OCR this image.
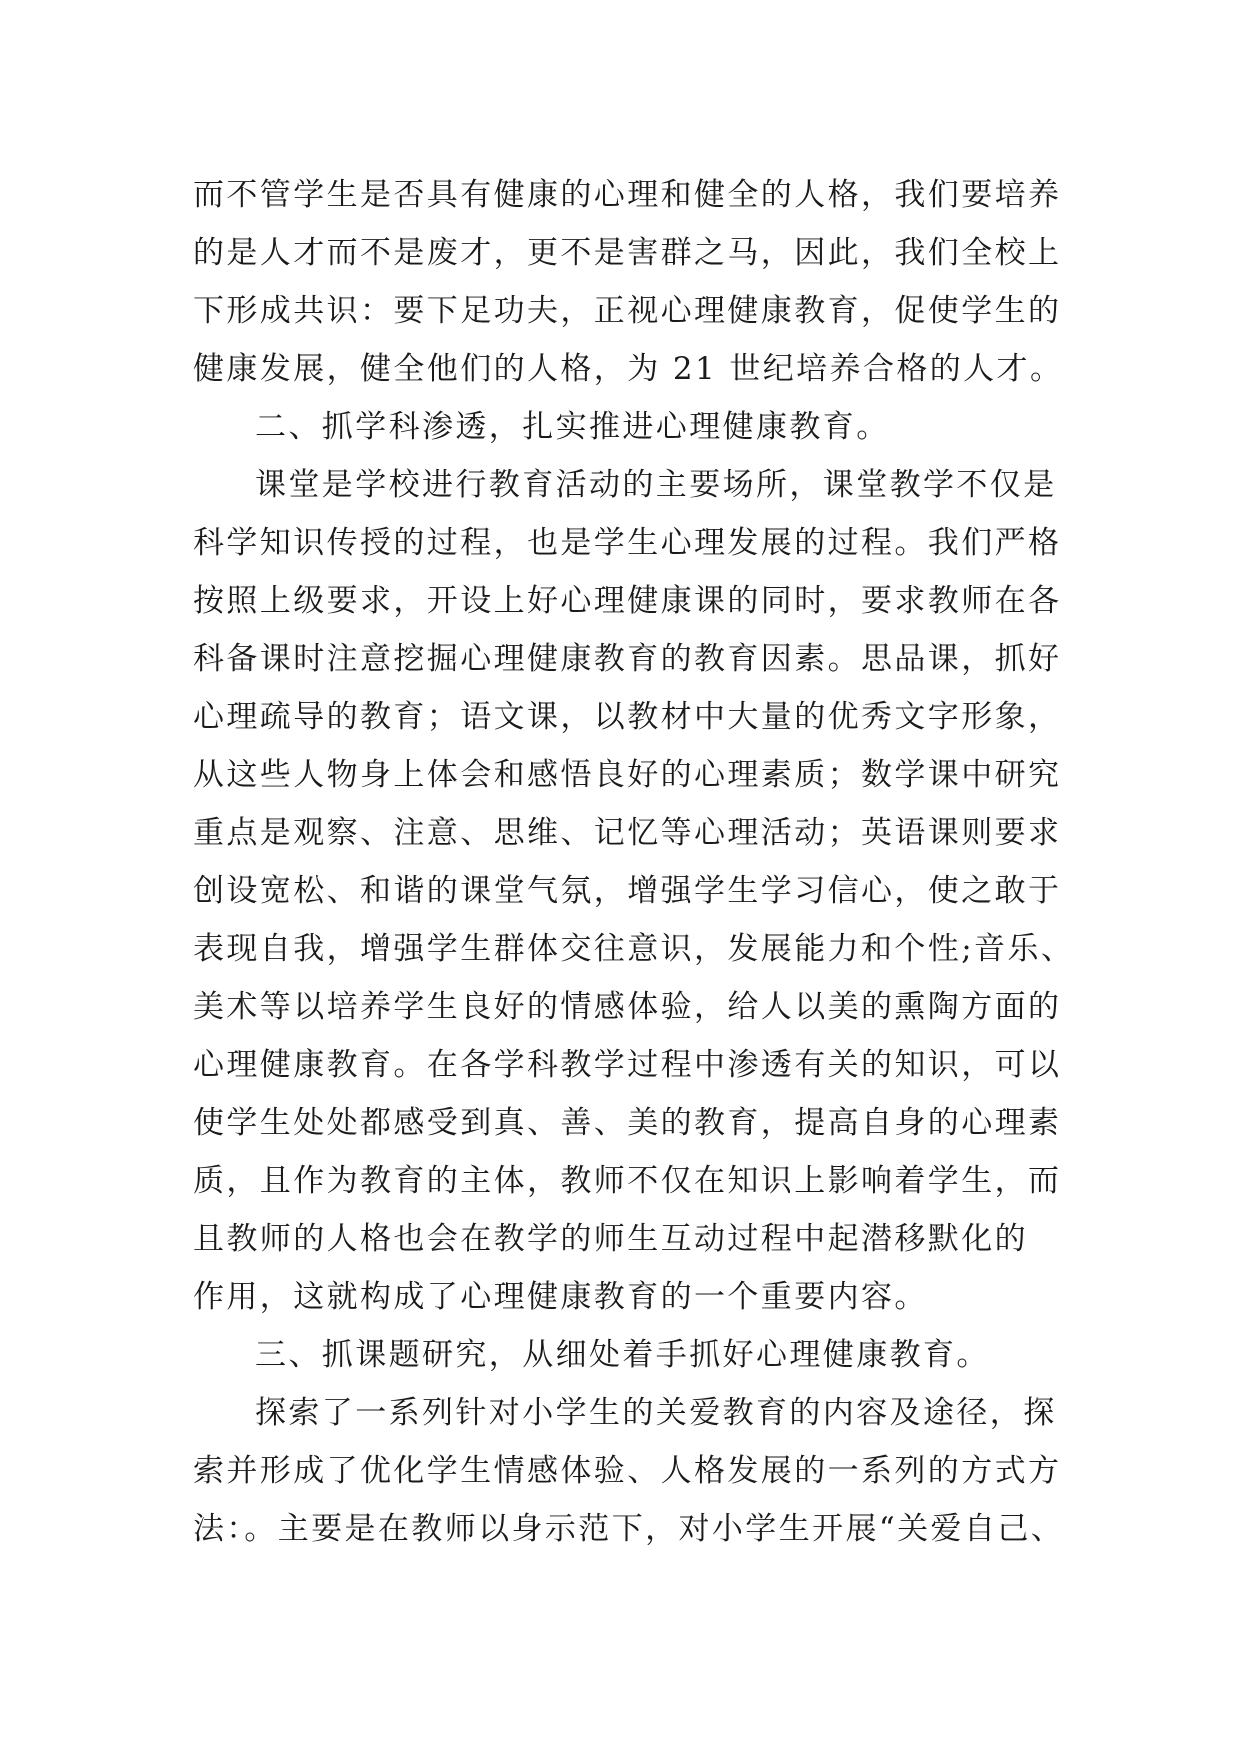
而不管学生是否具有健康的心理和健全的人格，我们要培养
的是人才而不是废才，更不是害群之马，因此，我们全校上
下形成共识：要下足功夫，正视心理健康教育，促使学生的
健康发展，健全他们的人格，为 21 世纪培养合格的人才。
二、抓学科渗透，扎实推进心理健康教育。
课堂是学校进行教育活动的主要场所，课堂教学不仅是
科学知识传授的过程，也是学生心理发展的过程。我们严格
按照上级要求，开设上好心理健康课的同时，要求教师在各
科备课时注意挖掘心理健康教育的教育因素。思品课，抓好
心理疏导的教育；语文课，以教材中大量的优秀文字形象，
从这些人物身上体会和感悟良好的心理素质；数学课中研究
重点是观察、注意、思维、记忆等心理活动；英语课则要求
创设宽松、和谐的课堂气氛，增强学生学习信心，使之敢于
表现自我，增强学生群体交往意识，发展能力和个性;音乐、
美术等以培养学生良好的情感体验，给人以美的熏陶方面的
心理健康教育。在各学科教学过程中渗透有关的知识，可以
使学生处处都感受到真、善、美的教育，提高自身的心理素
质，且作为教育的主体，教师不仅在知识上影响着学生，而
且教师的人格也会在教学的师生互动过程中起潜移默化的
作用，这就构成了心理健康教育的一个重要内容。
三、抓课题研究，从细处着手抓好心理健康教育。
探索了一系列针对小学生的关爱教育的内容及途径，探
索并形成了优化学生情感体验、人格发展的一系列的方式方
法：。主要是在教师以身示范下，对小学生开展“关爱自己、
